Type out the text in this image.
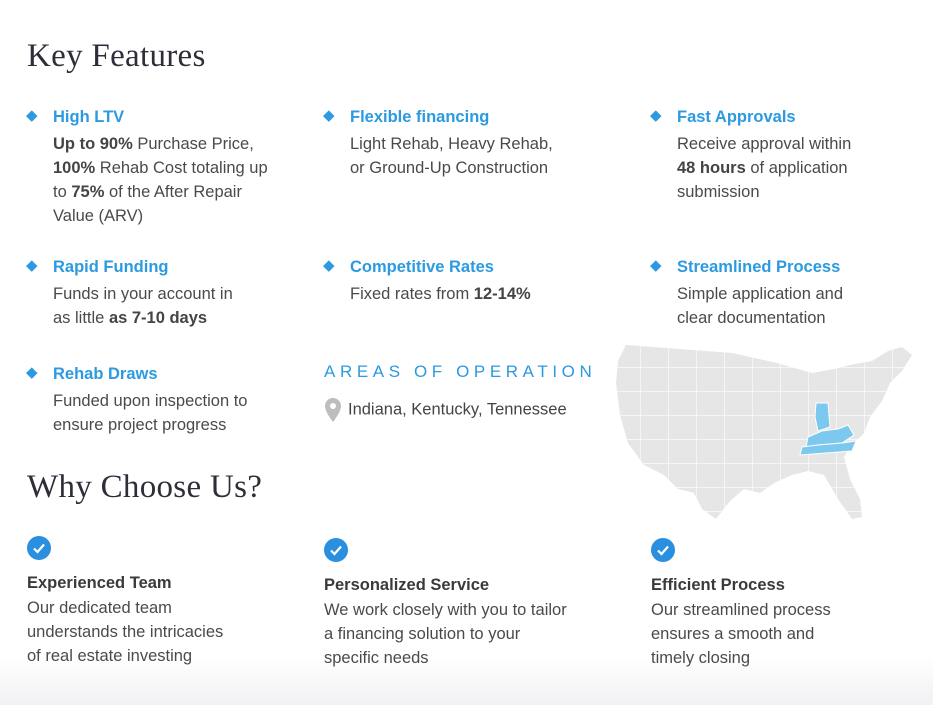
Key Features
◆ High LTV
Up to 90% Purchase Price,
100% Rehab Cost totaling up to 75% of the After Repair Value (ARV)
◆ Flexible financing
Light Rehab, Heavy Rehab,
or Ground-Up Construction
◆ Fast Approvals
Receive approval within
48 hours of application submission
◆ Rapid Funding
Funds in your account in
as little as 7-10 days
◆ Competitive Rates
Fixed rates from 12-14%
◆ Streamlined Process
Simple application and clear documentation
◆ Rehab Draws
Funded upon inspection to ensure project progress
AREAS OF OPERATION
Indiana, Kentucky, Tennessee
Why Choose Us?
Experienced Team
Our dedicated team
understands the intricacies
of real estate investing
Personalized Service
We work closely with you to tailor
a financing solution to your
specific needs
Efficient Process
Our streamlined process
ensures a smooth and
timely closing
